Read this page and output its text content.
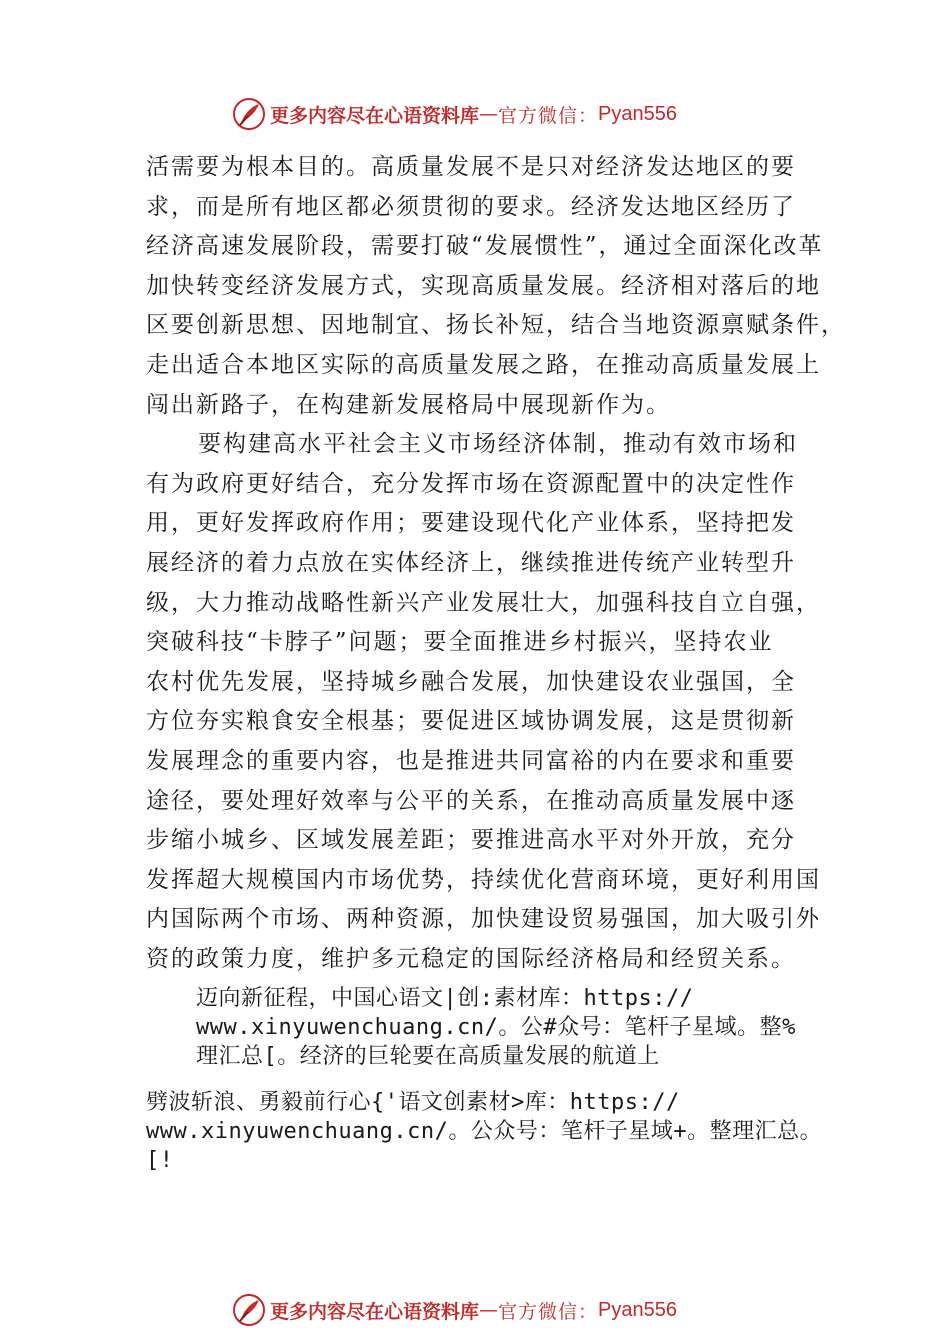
更多内容尽在心语资料库 — 官方微信： Pyan556

活需要为根本目的。高质量发展不是只对经济发达地区的要
求，而是所有地区都必须贯彻的要求。经济发达地区经历了
经济高速发展阶段，需要打破“发展惯性”，通过全面深化改革
加快转变经济发展方式，实现高质量发展。经济相对落后的地
区要创新思想、因地制宜、扬长补短，结合当地资源禀赋条件，
走出适合本地区实际的高质量发展之路，在推动高质量发展上
闯出新路子，在构建新发展格局中展现新作为。

要构建高水平社会主义市场经济体制，推动有效市场和
有为政府更好结合，充分发挥市场在资源配置中的决定性作
用，更好发挥政府作用；要建设现代化产业体系，坚持把发
展经济的着力点放在实体经济上，继续推进传统产业转型升
级，大力推动战略性新兴产业发展壮大，加强科技自立自强，
突破科技“卡脖子”问题；要全面推进乡村振兴，坚持农业
农村优先发展，坚持城乡融合发展，加快建设农业强国，全
方位夯实粮食安全根基；要促进区域协调发展，这是贯彻新
发展理念的重要内容，也是推进共同富裕的内在要求和重要
途径，要处理好效率与公平的关系，在推动高质量发展中逐
步缩小城乡、区域发展差距；要推进高水平对外开放，充分
发挥超大规模国内市场优势，持续优化营商环境，更好利用国
内国际两个市场、两种资源，加快建设贸易强国，加大吸引外
资的政策力度，维护多元稳定的国际经济格局和经贸关系。

迈向新征程，中国心语文|创:素材库：https://
www.xinyuwenchuang.cn/。公#众号：笔杆子星域。整%
理汇总[。经济的巨轮要在高质量发展的航道上
劈波斩浪、勇毅前行心{'语文创素材>库：https://
www.xinyuwenchuang.cn/。公众号：笔杆子星域+。整理汇总。
[!
更多内容尽在心语资料库 — 官方微信： Pyan556
